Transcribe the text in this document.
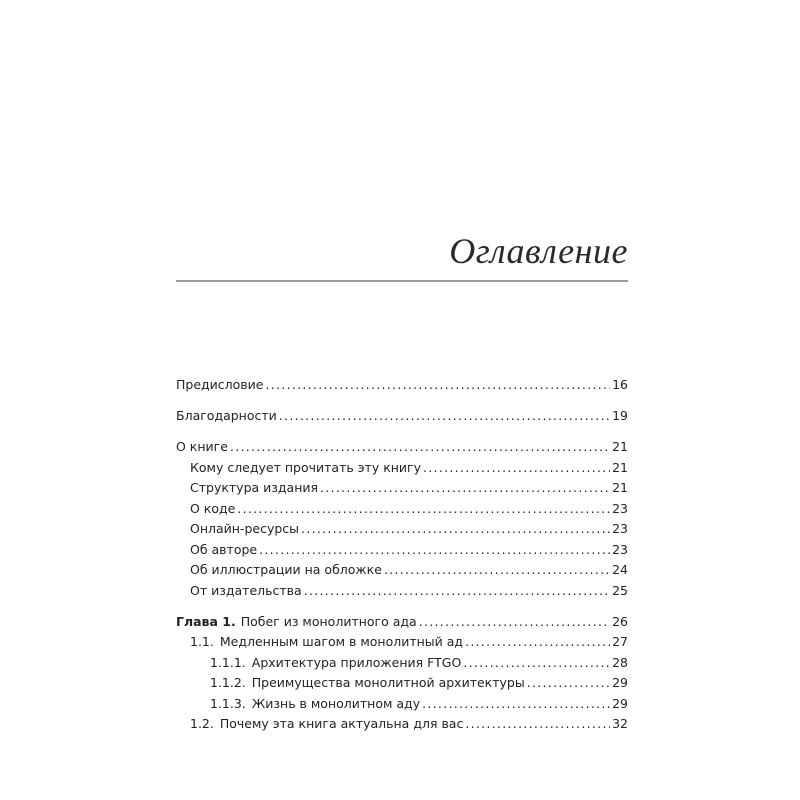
Оглавление
Предисловие .....	16
Благодарности .....	19
О книге .....	21
Кому следует прочитать эту книгу .....	21
Структура издания .....	21
О коде .....	23
Онлайн-ресурсы .....	23
Об авторе .....	23
Об иллюстрации на обложке .....	24
От издательства .....	25
Глава 1. Побег из монолитного ада .....	26
1.1. Медленным шагом в монолитный ад .....	27
1.1.1. Архитектура приложения FTGO .....	28
1.1.2. Преимущества монолитной архитектуры .....	29
1.1.3. Жизнь в монолитном аду .....	29
1.2. Почему эта книга актуальна для вас .....	32
